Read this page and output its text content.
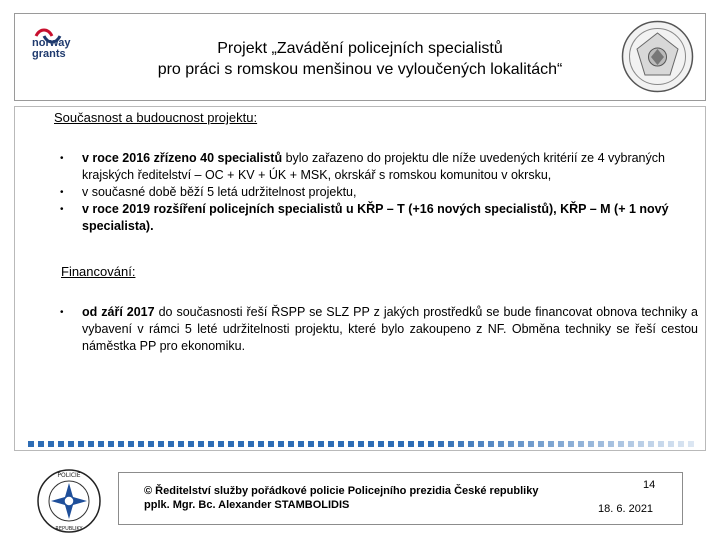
norway
grants	Projekt „Zavádění policejních specialistů
pro práci s romskou menšinou ve vyloučených lokalitách“
Současnost a budoucnost projektu:
• v roce 2016 zřízeno 40 specialistů bylo zařazeno do projektu dle níže uvedených kritérií ze 4 vybraných krajských ředitelství – OC + KV + ÚK + MSK, okrskář s romskou komunitou v okrsku,
• v současné době běží 5 letá udržitelnost projektu,
• v roce 2019 rozšíření policejních specialistů u KŘP – T (+16 nových specialistů), KŘP – M (+ 1 nový specialista).
Financování:
• od září 2017 do současnosti řeší ŘSPP se SLZ PP z jakých prostředků se bude financovat obnova techniky a vybavení v rámci 5 leté udržitelnosti projektu, které bylo zakoupeno z NF. Obměna techniky se řeší cestou náměstka PP pro ekonomiku.
POLICIE
REPUBLIKY
© Ředitelství služby pořádkové policie Policejního prezidia České republiky
pplk. Mgr. Bc. Alexander STAMBOLIDIS
14
18. 6. 2021
